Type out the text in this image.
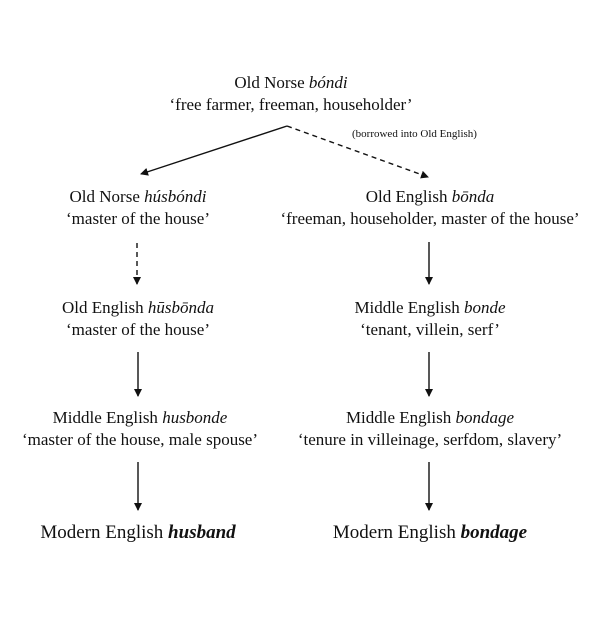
Old Norse bóndi
‘free farmer, freeman, householder’
(borrowed into Old English)
Old Norse húsbóndi
‘master of the house’
Old English bōnda
‘freeman, householder, master of the house’
Old English hūsbōnda
‘master of the house’
Middle English bonde
‘tenant, villein, serf’
Middle English husbonde
‘master of the house, male spouse’
Middle English bondage
‘tenure in villeinage, serfdom, slavery’
Modern English husband	Modern English bondage
